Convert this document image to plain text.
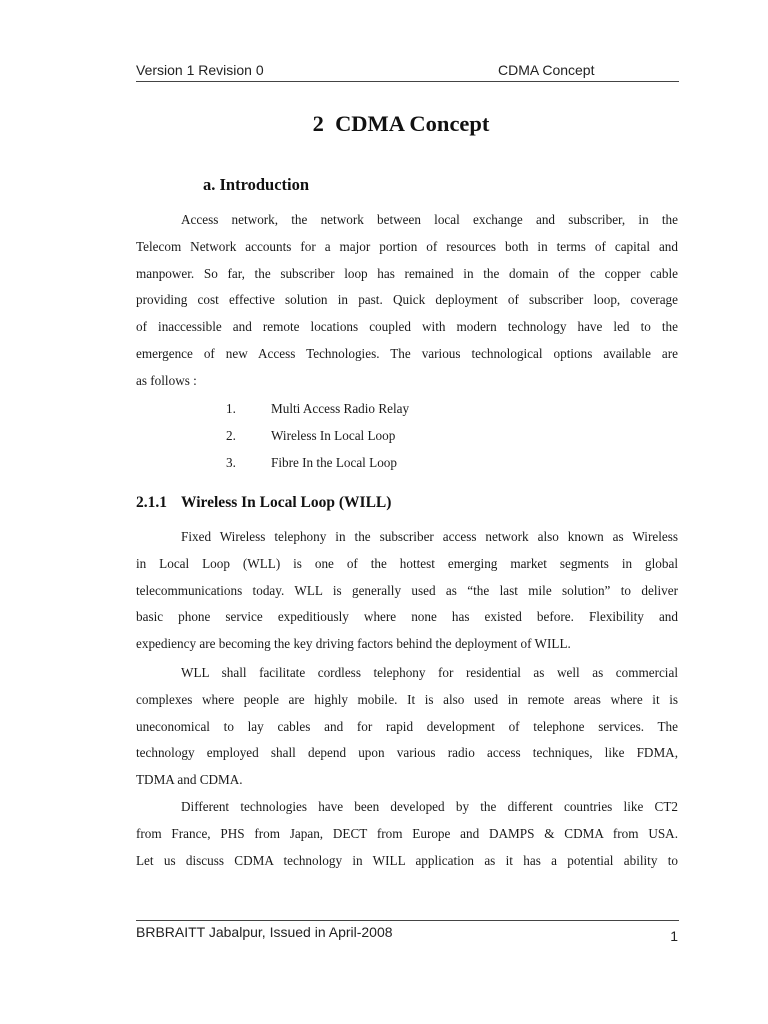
Version 1 Revision 0	CDMA Concept
2  CDMA Concept
a. Introduction
Access network, the network between local exchange and subscriber, in the
Telecom Network accounts for a major portion of resources both in terms of capital and
manpower. So far, the subscriber loop has remained in the domain of the copper cable
providing cost effective solution in past. Quick deployment of subscriber loop, coverage
of inaccessible and remote locations coupled with modern technology have led to the
emergence of new Access Technologies. The various technological options available are
as follows :
1.	Multi Access Radio Relay
2.	Wireless In Local Loop
3.	Fibre In the Local Loop
2.1.1 Wireless In Local Loop (WILL)
Fixed Wireless telephony in the subscriber access network also known as Wireless
in Local Loop (WLL) is one of the hottest emerging market segments in global
telecommunications today. WLL is generally used as “the last mile solution” to deliver
basic phone service expeditiously where none has existed before. Flexibility and
expediency are becoming the key driving factors behind the deployment of WILL.
WLL shall facilitate cordless telephony for residential as well as commercial
complexes where people are highly mobile. It is also used in remote areas where it is
uneconomical to lay cables and for rapid development of telephone services. The
technology employed shall depend upon various radio access techniques, like FDMA,
TDMA and CDMA.
Different technologies have been developed by the different countries like CT2
from France, PHS from Japan, DECT from Europe and DAMPS & CDMA from USA.
Let us discuss CDMA technology in WILL application as it has a potential ability to
BRBRAITT Jabalpur, Issued in April-2008	1
